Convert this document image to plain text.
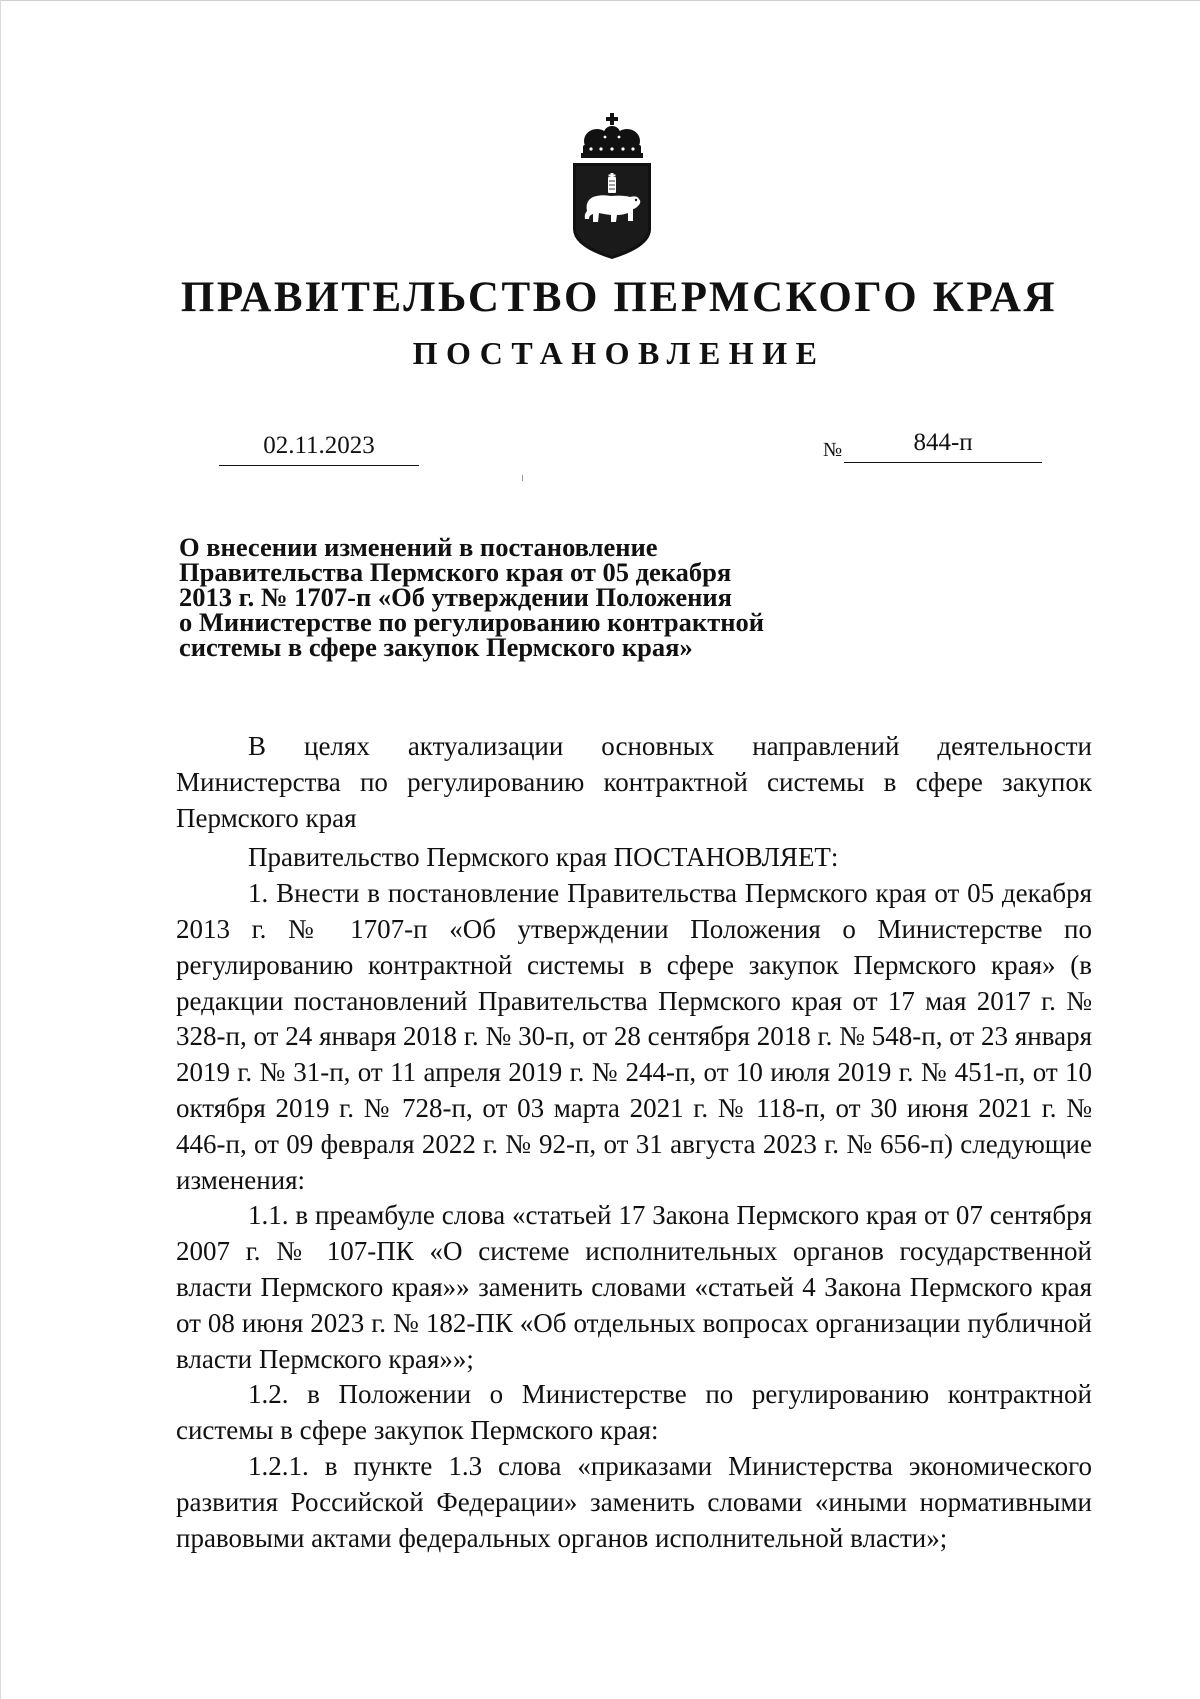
ПРАВИТЕЛЬСТВО ПЕРМСКОГО КРАЯ
ПОСТАНОВЛЕНИЕ
02.11.2023	№	844-п
О внесении изменений в постановление
Правительства Пермского края от 05 декабря
2013 г. № 1707-п «Об утверждении Положения
о Министерстве по регулированию контрактной
системы в сфере закупок Пермского края»

В целях актуализации основных направлений деятельности Министерства по регулированию контрактной системы в сфере закупок Пермского края

Правительство Пермского края ПОСТАНОВЛЯЕТ:

1. Внести в постановление Правительства Пермского края от 05 декабря 2013 г. № 1707-п «Об утверждении Положения о Министерстве по регулированию контрактной системы в сфере закупок Пермского края» (в редакции постановлений Правительства Пермского края от 17 мая 2017 г. № 328-п, от 24 января 2018 г. № 30-п, от 28 сентября 2018 г. № 548-п, от 23 января 2019 г. № 31-п, от 11 апреля 2019 г. № 244-п, от 10 июля 2019 г. № 451-п, от 10 октября 2019 г. № 728-п, от 03 марта 2021 г. № 118-п, от 30 июня 2021 г. № 446-п, от 09 февраля 2022 г. № 92-п, от 31 августа 2023 г. № 656-п) следующие изменения:

1.1. в преамбуле слова «статьей 17 Закона Пермского края от 07 сентября 2007 г. № 107-ПК «О системе исполнительных органов государственной власти Пермского края»» заменить словами «статьей 4 Закона Пермского края от 08 июня 2023 г. № 182-ПК «Об отдельных вопросах организации публичной власти Пермского края»»;

1.2. в Положении о Министерстве по регулированию контрактной системы в сфере закупок Пермского края:

1.2.1. в пункте 1.3 слова «приказами Министерства экономического развития Российской Федерации» заменить словами «иными нормативными правовыми актами федеральных органов исполнительной власти»;
